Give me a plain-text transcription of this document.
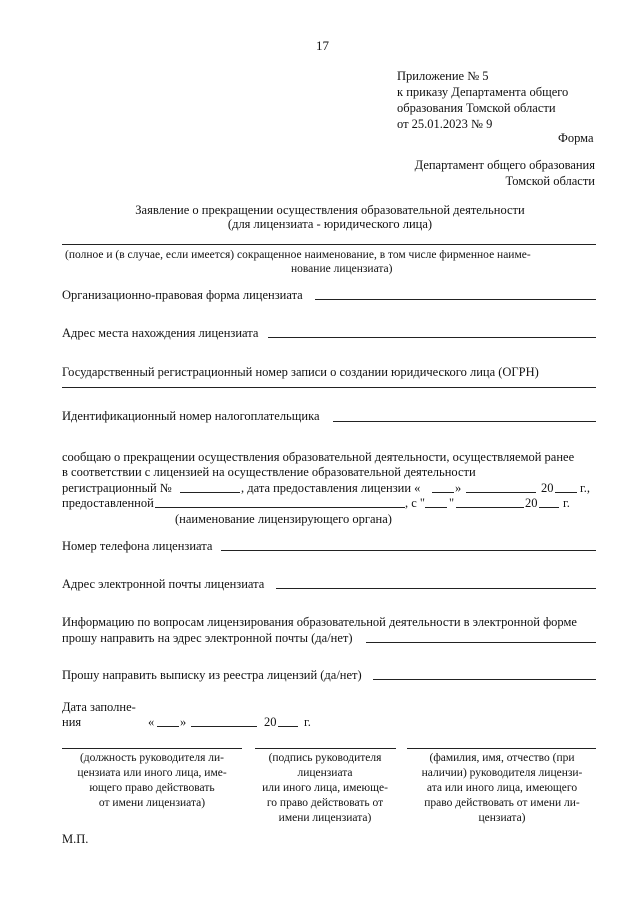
17
Приложение № 5
к приказу Департамента общего
образования Томской области
от 25.01.2023 № 9
Форма
Департамент общего образования
Томской области
Заявление о прекращении осуществления образовательной деятельности
(для лицензиата - юридического лица)
(полное и (в случае, если имеется) сокращенное наименование, в том числе фирменное наиме-
нование лицензиата)
Организационно-правовая форма лицензиата
Адрес места нахождения лицензиата
Государственный регистрационный номер записи о создании юридического лица (ОГРН)
Идентификационный номер налогоплательщика
сообщаю о прекращении осуществления образовательной деятельности, осуществляемой ранее
в соответствии с лицензией на осуществление образовательной деятельности
регистрационный №	, дата предоставления лицензии «	»	20 г.,
предоставленной	, с " "	20 г.
(наименование лицензирующего органа)
Номер телефона лицензиата
Адрес электронной почты лицензиата
Информацию по вопросам лицензирования образовательной деятельности в электронной форме
прошу направить на эдрес электронной почты (да/нет)
Прошу направить выписку из реестра лицензий (да/нет)
Дата заполне-
ния	« »	20 г.
(должность руководителя ли-
цензиата или иного лица, име-
ющего право действовать
от имени лицензиата)
(подпись руководителя
лицензиата
или иного лица, имеюще-
го право действовать от
имени лицензиата)
(фамилия, имя, отчество (при
наличии) руководителя лицензи-
ата или иного лица, имеющего
право действовать от имени ли-
цензиата)
М.П.
